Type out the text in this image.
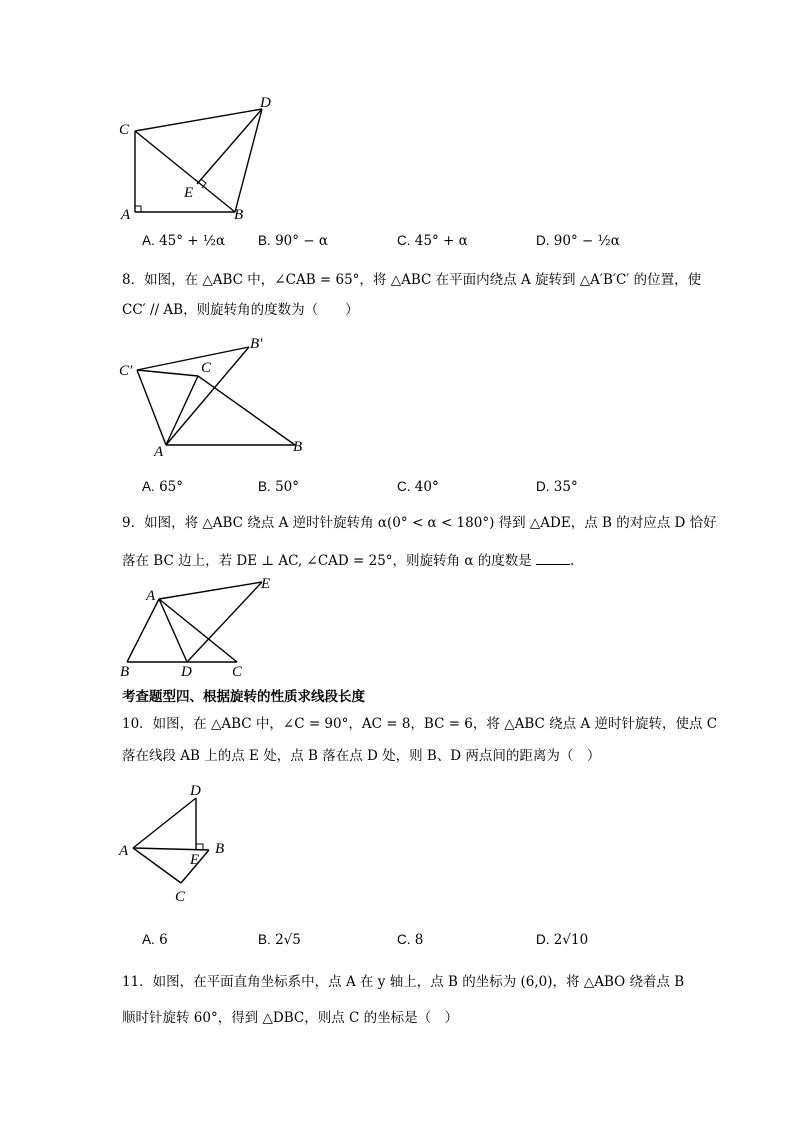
C
D
E
A	B
A. 45° + ½α B. 90° − α	C. 45° + α	D. 90° − ½α
8．如图，在 △ABC 中，∠CAB = 65°，将 △ABC 在平面内绕点 A 旋转到 △A′B′C′ 的位置，使
CC′ // AB，则旋转角的度数为（　　）
C′
B′
C
A	B
A. 65°	B. 50°	C. 40°	D. 35°
9．如图，将 △ABC 绕点 A 逆时针旋转角 α(0° < α < 180°) 得到 △ADE，点 B 的对应点 D 恰好
落在 BC 边上，若 DE ⊥ AC, ∠CAD = 25°，则旋转角 α 的度数是	.
A
E
B	D	C
考查题型四、根据旋转的性质求线段长度
10．如图，在 △ABC 中，∠C = 90°，AC = 8，BC = 6，将 △ABC 绕点 A 逆时针旋转，使点 C
落在线段 AB 上的点 E 处，点 B 落在点 D 处，则 B、D 两点间的距离为（　）
D
A
E
B
C
A. 6	B. 2√5	C. 8	D. 2√10
11．如图，在平面直角坐标系中，点 A 在 y 轴上，点 B 的坐标为 (6,0)，将 △ABO 绕着点 B
顺时针旋转 60°，得到 △DBC，则点 C 的坐标是（　）
